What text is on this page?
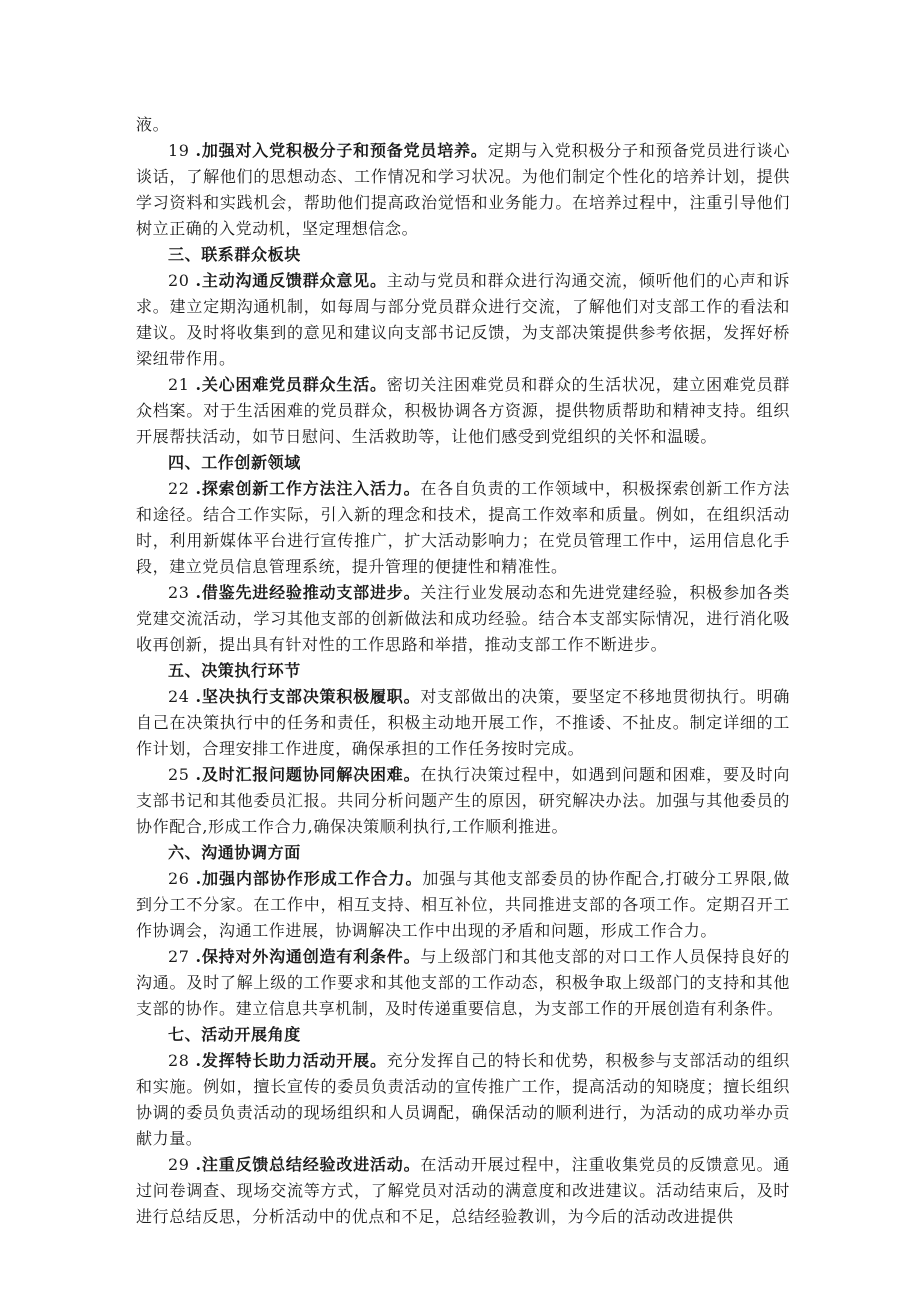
液。

19 .加强对入党积极分子和预备党员培养。定期与入党积极分子和预备党员进行谈心谈话，了解他们的思想动态、工作情况和学习状况。为他们制定个性化的培养计划，提供学习资料和实践机会，帮助他们提高政治觉悟和业务能力。在培养过程中，注重引导他们树立正确的入党动机，坚定理想信念。

三、联系群众板块

20 .主动沟通反馈群众意见。主动与党员和群众进行沟通交流，倾听他们的心声和诉求。建立定期沟通机制，如每周与部分党员群众进行交流，了解他们对支部工作的看法和建议。及时将收集到的意见和建议向支部书记反馈，为支部决策提供参考依据，发挥好桥梁纽带作用。

21 .关心困难党员群众生活。密切关注困难党员和群众的生活状况，建立困难党员群众档案。对于生活困难的党员群众，积极协调各方资源，提供物质帮助和精神支持。组织开展帮扶活动，如节日慰问、生活救助等，让他们感受到党组织的关怀和温暖。

四、工作创新领域

22 .探索创新工作方法注入活力。在各自负责的工作领域中，积极探索创新工作方法和途径。结合工作实际，引入新的理念和技术，提高工作效率和质量。例如，在组织活动时，利用新媒体平台进行宣传推广，扩大活动影响力；在党员管理工作中，运用信息化手段，建立党员信息管理系统，提升管理的便捷性和精准性。

23 .借鉴先进经验推动支部进步。关注行业发展动态和先进党建经验，积极参加各类党建交流活动，学习其他支部的创新做法和成功经验。结合本支部实际情况，进行消化吸收再创新，提出具有针对性的工作思路和举措，推动支部工作不断进步。

五、决策执行环节

24 .坚决执行支部决策积极履职。对支部做出的决策，要坚定不移地贯彻执行。明确自己在决策执行中的任务和责任，积极主动地开展工作，不推诿、不扯皮。制定详细的工作计划，合理安排工作进度，确保承担的工作任务按时完成。

25 .及时汇报问题协同解决困难。在执行决策过程中，如遇到问题和困难，要及时向支部书记和其他委员汇报。共同分析问题产生的原因，研究解决办法。加强与其他委员的协作配合,形成工作合力,确保决策顺利执行,工作顺利推进。

六、沟通协调方面

26 .加强内部协作形成工作合力。加强与其他支部委员的协作配合,打破分工界限,做到分工不分家。在工作中，相互支持、相互补位，共同推进支部的各项工作。定期召开工作协调会，沟通工作进展，协调解决工作中出现的矛盾和问题，形成工作合力。

27 .保持对外沟通创造有利条件。与上级部门和其他支部的对口工作人员保持良好的沟通。及时了解上级的工作要求和其他支部的工作动态，积极争取上级部门的支持和其他支部的协作。建立信息共享机制，及时传递重要信息，为支部工作的开展创造有利条件。

七、活动开展角度

28 .发挥特长助力活动开展。充分发挥自己的特长和优势，积极参与支部活动的组织和实施。例如，擅长宣传的委员负责活动的宣传推广工作，提高活动的知晓度；擅长组织协调的委员负责活动的现场组织和人员调配，确保活动的顺利进行，为活动的成功举办贡献力量。

29 .注重反馈总结经验改进活动。在活动开展过程中，注重收集党员的反馈意见。通过问卷调查、现场交流等方式，了解党员对活动的满意度和改进建议。活动结束后，及时进行总结反思，分析活动中的优点和不足，总结经验教训，为今后的活动改进提供
